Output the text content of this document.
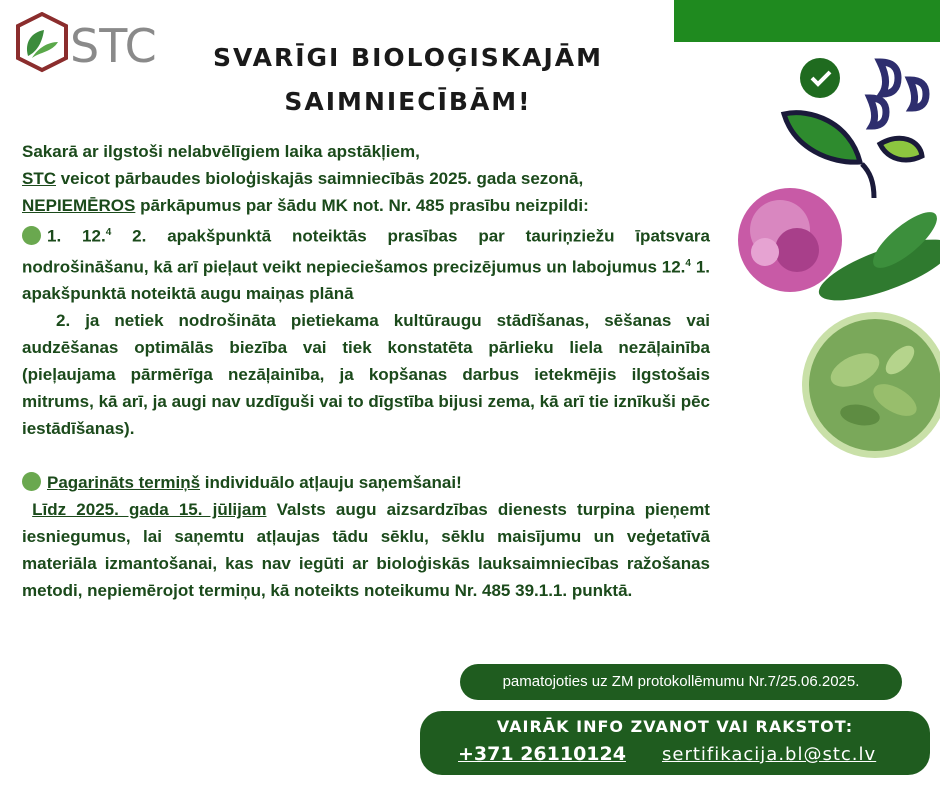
STC	SVARĪGI BIOLOĢISKAJĀM
SAIMNIECĪBĀM!

Sakarā ar ilgstoši nelabvēlīgiem laika apstākļiem,

STC veicot pārbaudes bioloģiskajās saimniecībās 2025. gada sezonā,

NEPIEMĒROS pārkāpumus par šādu MK not. Nr. 485 prasību neizpildi:

1. 12.$^4$ 2. apakšpunktā noteiktās prasības par tauriņziežu īpatsvara nodrošināšanu, kā arī pieļaut veikt nepieciešamos precizējumus un labojumus 12.$^4$ 1. apakšpunktā noteiktā augu maiņas plānā

2. ja netiek nodrošināta pietiekama kultūraugu stādīšanas, sēšanas vai audzēšanas optimālās biezība vai tiek konstatēta pārlieku liela nezāļainība (pieļaujama pārmērīga nezāļainība, ja kopšanas darbus ietekmējis ilgstošais mitrums, kā arī, ja augi nav uzdīguši vai to dīgstība bijusi zema, kā arī tie iznīkuši pēc iestādīšanas).

Pagarināts termiņš individuālo atļauju saņemšanai!

Līdz 2025. gada 15. jūlijam Valsts augu aizsardzības dienests turpina pieņemt iesniegumus, lai saņemtu atļaujas tādu sēklu, sēklu maisījumu un veģetatīvā materiāla izmantošanai, kas nav iegūti ar bioloģiskās lauksaimniecības ražošanas metodi, nepiemērojot termiņu, kā noteikts noteikumu Nr. 485 39.1.1. punktā.

pamatojoties uz ZM protokollēmumu Nr.7/25.06.2025.
VAIRĀK INFO ZVANOT VAI RAKSTOT:
+371 26110124 sertifikacija.bl@stc.lv
